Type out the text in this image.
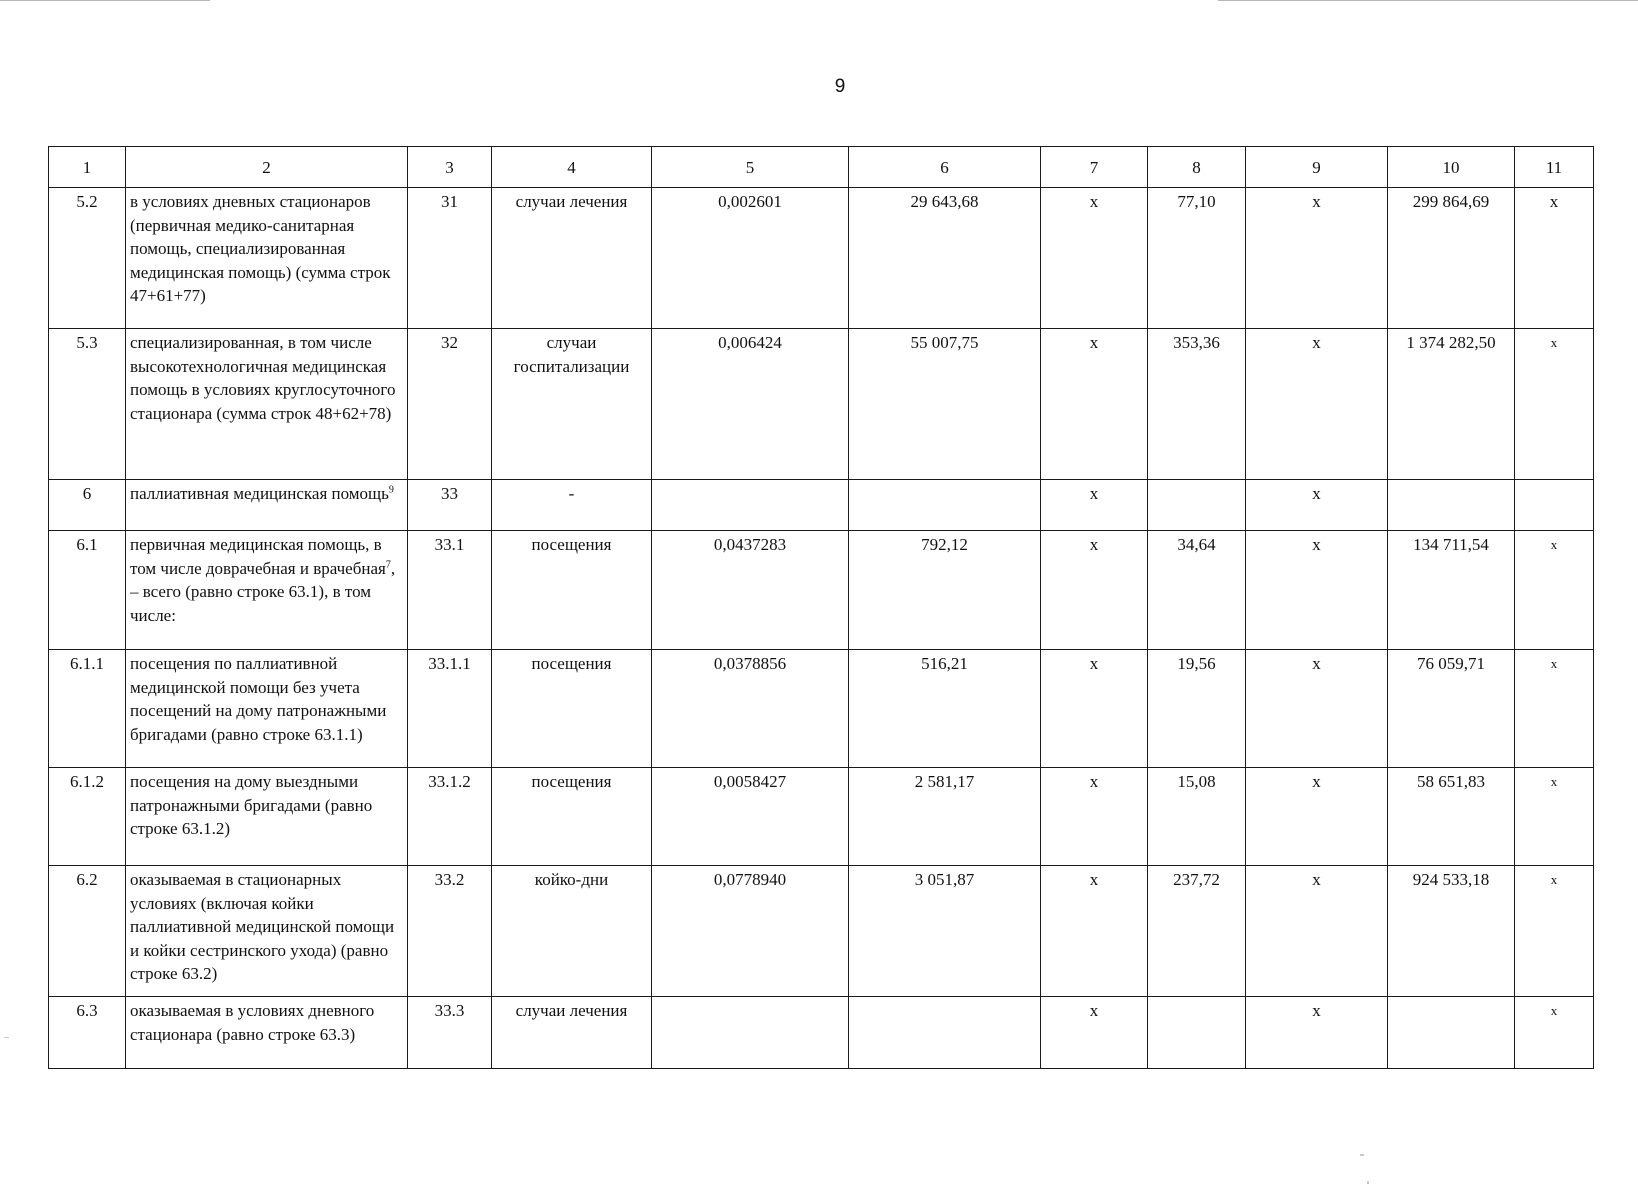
9
1	2	3	4	5	6	7	8	9	10	11
5.2	в условиях дневных стационаров (первичная медико-санитарная помощь, специализированная медицинская помощь) (сумма строк 47+61+77)	31	случаи лечения	0,002601	29 643,68	х	77,10	х	299 864,69	х
5.3	специализированная, в том числе высокотехнологичная медицинская помощь в условиях круглосуточного стационара (сумма строк 48+62+78)	32	случаи госпитализации	0,006424	55 007,75	х	353,36	х	1 374 282,50	х
6	паллиативная медицинская помощь$^9$	33	-			х		х		
6.1	первичная медицинская помощь, в том числе доврачебная и врачебная$^7$, – всего (равно строке 63.1), в том числе:	33.1	посещения	0,0437283	792,12	х	34,64	х	134 711,54	х
6.1.1	посещения по паллиативной медицинской помощи без учета посещений на дому патронажными бригадами (равно строке 63.1.1)	33.1.1	посещения	0,0378856	516,21	х	19,56	х	76 059,71	х
6.1.2	посещения на дому выездными патронажными бригадами (равно строке 63.1.2)	33.1.2	посещения	0,0058427	2 581,17	х	15,08	х	58 651,83	х
6.2	оказываемая в стационарных условиях (включая койки паллиативной медицинской помощи и койки сестринского ухода) (равно строке 63.2)	33.2	койко-дни	0,0778940	3 051,87	х	237,72	х	924 533,18	х
6.3	оказываемая в условиях дневного стационара (равно строке 63.3)	33.3	случаи лечения			х		х		х
